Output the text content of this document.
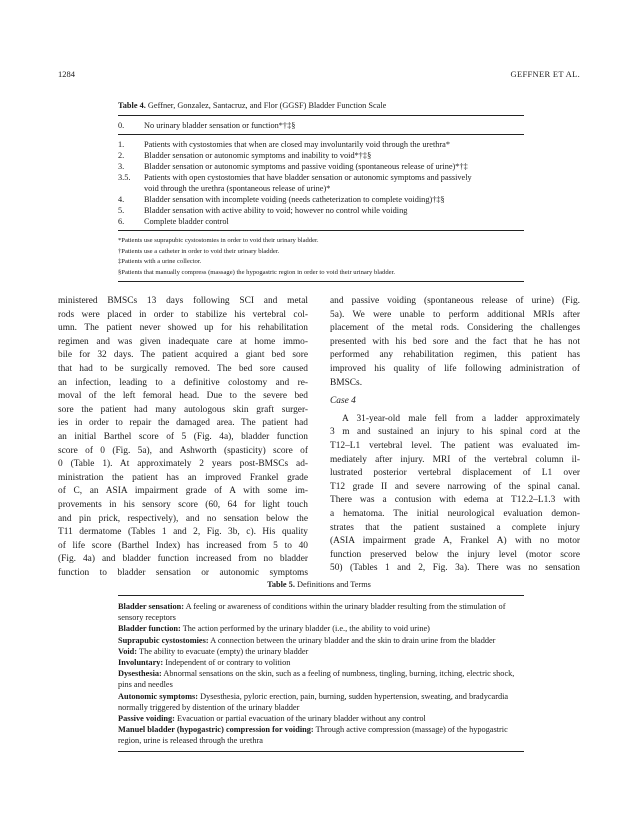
1284	GEFFNER ET AL.
Table 4. Geffner, Gonzalez, Santacruz, and Flor (GGSF) Bladder Function Scale
0.	No urinary bladder sensation or function*†‡§
1.	Patients with cystostomies that when are closed may involuntarily void through the urethra*
2.	Bladder sensation or autonomic symptoms and inability to void*†‡§
3.	Bladder sensation or autonomic symptoms and passive voiding (spontaneous release of urine)*†‡
3.5.	Patients with open cystostomies that have bladder sensation or autonomic symptoms and passively
void through the urethra (spontaneous release of urine)*
4.	Bladder sensation with incomplete voiding (needs catheterization to complete voiding)†‡§
5.	Bladder sensation with active ability to void; however no control while voiding
6.	Complete bladder control
*Patients use suprapubic cystostomies in order to void their urinary bladder.
†Patients use a catheter in order to void their urinary bladder.
‡Patients with a urine collector.
§Patients that manually compress (massage) the hypogastric region in order to void their urinary bladder.
ministered BMSCs 13 days following SCI and metal
rods were placed in order to stabilize his vertebral col-
umn. The patient never showed up for his rehabilitation
regimen and was given inadequate care at home immo-
bile for 32 days. The patient acquired a giant bed sore
that had to be surgically removed. The bed sore caused
an infection, leading to a definitive colostomy and re-
moval of the left femoral head. Due to the severe bed
sore the patient had many autologous skin graft surger-
ies in order to repair the damaged area. The patient had
an initial Barthel score of 5 (Fig. 4a), bladder function
score of 0 (Fig. 5a), and Ashworth (spasticity) score of
0 (Table 1). At approximately 2 years post-BMSCs ad-
ministration the patient has an improved Frankel grade
of C, an ASIA impairment grade of A with some im-
provements in his sensory score (60, 64 for light touch
and pin prick, respectively), and no sensation below the
T11 dermatome (Tables 1 and 2, Fig. 3b, c). His quality
of life score (Barthel Index) has increased from 5 to 40
(Fig. 4a) and bladder function increased from no bladder
function to bladder sensation or autonomic symptoms
and passive voiding (spontaneous release of urine) (Fig.
5a). We were unable to perform additional MRIs after
placement of the metal rods. Considering the challenges
presented with his bed sore and the fact that he has not
performed any rehabilitation regimen, this patient has
improved his quality of life following administration of
BMSCs.
Case 4
A 31-year-old male fell from a ladder approximately
3 m and sustained an injury to his spinal cord at the
T12–L1 vertebral level. The patient was evaluated im-
mediately after injury. MRI of the vertebral column il-
lustrated posterior vertebral displacement of L1 over
T12 grade II and severe narrowing of the spinal canal.
There was a contusion with edema at T12.2–L1.3 with
a hematoma. The initial neurological evaluation demon-
strates that the patient sustained a complete injury
(ASIA impairment grade A, Frankel A) with no motor
function preserved below the injury level (motor score
50) (Tables 1 and 2, Fig. 3a). There was no sensation
Table 5. Definitions and Terms

Bladder sensation: A feeling or awareness of conditions within the urinary bladder resulting from the stimulation of sensory receptors

Bladder function: The action performed by the urinary bladder (i.e., the ability to void urine)

Suprapubic cystostomies: A connection between the urinary bladder and the skin to drain urine from the bladder

Void: The ability to evacuate (empty) the urinary bladder

Involuntary: Independent of or contrary to volition

Dysesthesia: Abnormal sensations on the skin, such as a feeling of numbness, tingling, burning, itching, electric shock, pins and needles

Autonomic symptoms: Dysesthesia, pyloric erection, pain, burning, sudden hypertension, sweating, and bradycardia normally triggered by distention of the urinary bladder

Passive voiding: Evacuation or partial evacuation of the urinary bladder without any control

Manuel bladder (hypogastric) compression for voiding: Through active compression (massage) of the hypogastric region, urine is released through the urethra
